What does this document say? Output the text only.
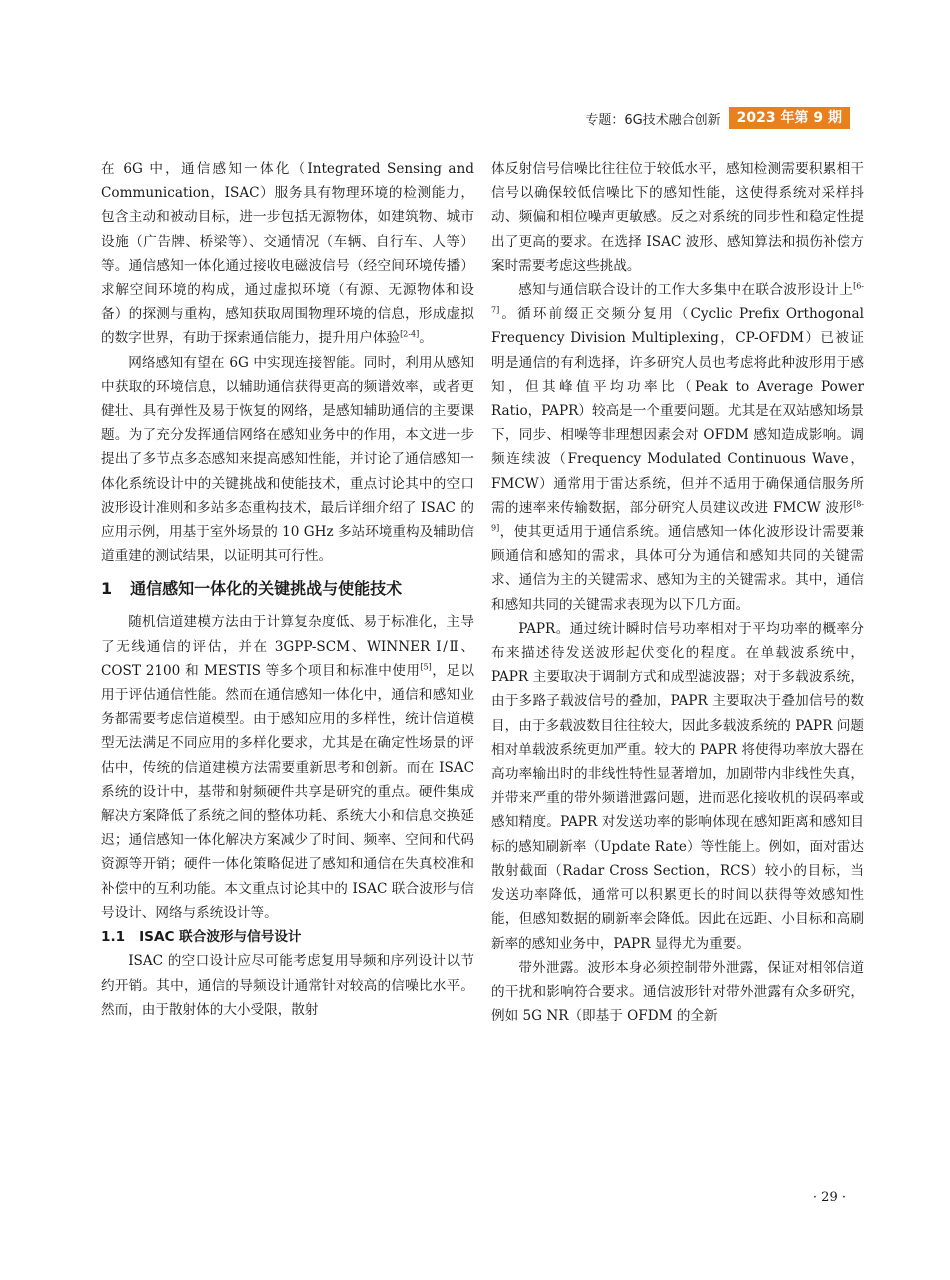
专题：6G技术融合创新	2023 年第 9 期

在 6G 中，通信感知一体化（Integrated Sensing and Communication，ISAC）服务具有物理环境的检测能力，包含主动和被动目标，进一步包括无源物体，如建筑物、城市设施（广告牌、桥梁等）、交通情况（车辆、自行车、人等）等。通信感知一体化通过接收电磁波信号（经空间环境传播）求解空间环境的构成，通过虚拟环境（有源、无源物体和设备）的探测与重构，感知获取周围物理环境的信息，形成虚拟的数字世界，有助于探索通信能力，提升用户体验[2-4]。

网络感知有望在 6G 中实现连接智能。同时，利用从感知中获取的环境信息，以辅助通信获得更高的频谱效率，或者更健壮、具有弹性及易于恢复的网络，是感知辅助通信的主要课题。为了充分发挥通信网络在感知业务中的作用，本文进一步提出了多节点多态感知来提高感知性能，并讨论了通信感知一体化系统设计中的关键挑战和使能技术，重点讨论其中的空口波形设计准则和多站多态重构技术，最后详细介绍了 ISAC 的应用示例，用基于室外场景的 10 GHz 多站环境重构及辅助信道重建的测试结果，以证明其可行性。

1 通信感知一体化的关键挑战与使能技术

随机信道建模方法由于计算复杂度低、易于标准化，主导了无线通信的评估，并在 3GPP-SCM、WINNER Ⅰ/Ⅱ、COST 2100 和 MESTIS 等多个项目和标准中使用[5]，足以用于评估通信性能。然而在通信感知一体化中，通信和感知业务都需要考虑信道模型。由于感知应用的多样性，统计信道模型无法满足不同应用的多样化要求，尤其是在确定性场景的评估中，传统的信道建模方法需要重新思考和创新。而在 ISAC 系统的设计中，基带和射频硬件共享是研究的重点。硬件集成解决方案降低了系统之间的整体功耗、系统大小和信息交换延迟；通信感知一体化解决方案减少了时间、频率、空间和代码资源等开销；硬件一体化策略促进了感知和通信在失真校准和补偿中的互利功能。本文重点讨论其中的 ISAC 联合波形与信号设计、网络与系统设计等。

1.1 ISAC 联合波形与信号设计

ISAC 的空口设计应尽可能考虑复用导频和序列设计以节约开销。其中，通信的导频设计通常针对较高的信噪比水平。然而，由于散射体的大小受限，散射

体反射信号信噪比往往位于较低水平，感知检测需要积累相干信号以确保较低信噪比下的感知性能，这使得系统对采样抖动、频偏和相位噪声更敏感。反之对系统的同步性和稳定性提出了更高的要求。在选择 ISAC 波形、感知算法和损伤补偿方案时需要考虑这些挑战。

感知与通信联合设计的工作大多集中在联合波形设计上[6-7]。循环前缀正交频分复用（Cyclic Prefix Orthogonal Frequency Division Multiplexing，CP-OFDM）已被证明是通信的有利选择，许多研究人员也考虑将此种波形用于感知，但其峰值平均功率比（Peak to Average Power Ratio，PAPR）较高是一个重要问题。尤其是在双站感知场景下，同步、相噪等非理想因素会对 OFDM 感知造成影响。调频连续波（Frequency Modulated Continuous Wave，FMCW）通常用于雷达系统，但并不适用于确保通信服务所需的速率来传输数据，部分研究人员建议改进 FMCW 波形[8-9]，使其更适用于通信系统。通信感知一体化波形设计需要兼顾通信和感知的需求，具体可分为通信和感知共同的关键需求、通信为主的关键需求、感知为主的关键需求。其中，通信和感知共同的关键需求表现为以下几方面。

PAPR。通过统计瞬时信号功率相对于平均功率的概率分布来描述待发送波形起伏变化的程度。在单载波系统中，PAPR 主要取决于调制方式和成型滤波器；对于多载波系统，由于多路子载波信号的叠加，PAPR 主要取决于叠加信号的数目，由于多载波数目往往较大，因此多载波系统的 PAPR 问题相对单载波系统更加严重。较大的 PAPR 将使得功率放大器在高功率输出时的非线性特性显著增加，加剧带内非线性失真，并带来严重的带外频谱泄露问题，进而恶化接收机的误码率或感知精度。PAPR 对发送功率的影响体现在感知距离和感知目标的感知刷新率（Update Rate）等性能上。例如，面对雷达散射截面（Radar Cross Section，RCS）较小的目标，当发送功率降低，通常可以积累更长的时间以获得等效感知性能，但感知数据的刷新率会降低。因此在远距、小目标和高刷新率的感知业务中，PAPR 显得尤为重要。

带外泄露。波形本身必须控制带外泄露，保证对相邻信道的干扰和影响符合要求。通信波形针对带外泄露有众多研究，例如 5G NR（即基于 OFDM 的全新

· 29 ·
